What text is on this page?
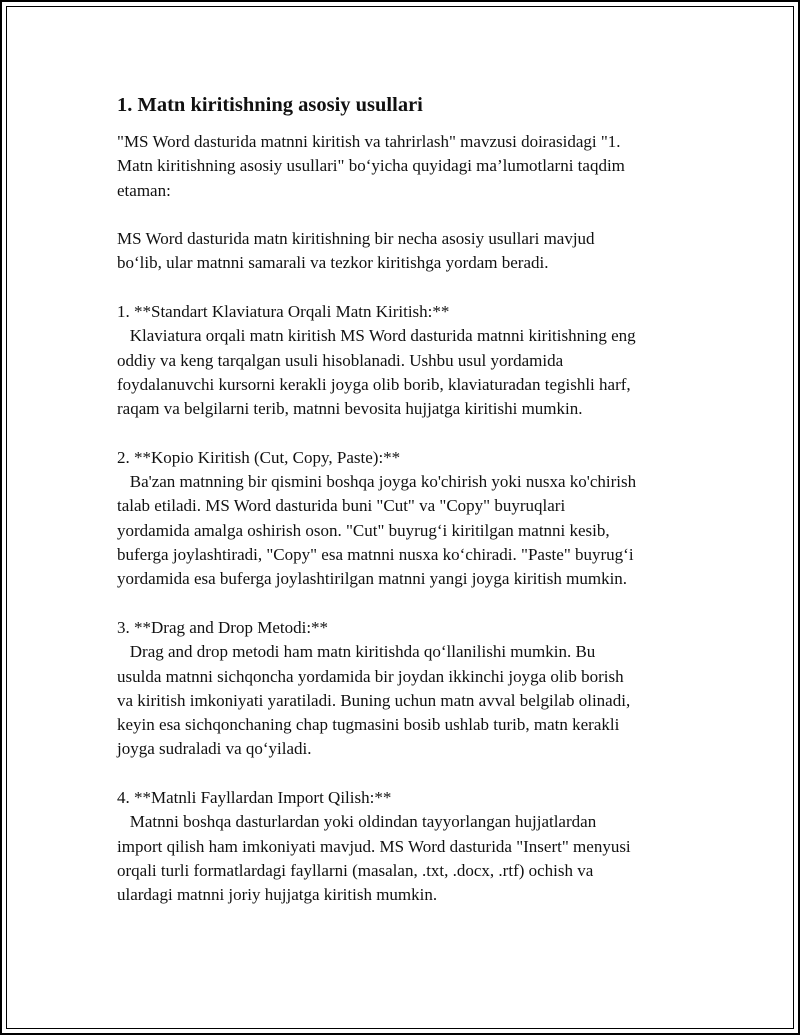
1. Matn kiritishning asosiy usullari
"MS Word dasturida matnni kiritish va tahrirlash" mavzusi doirasidagi "1.
Matn kiritishning asosiy usullari" bo‘yicha quyidagi ma’lumotlarni taqdim
etaman:
MS Word dasturida matn kiritishning bir necha asosiy usullari mavjud
bo‘lib, ular matnni samarali va tezkor kiritishga yordam beradi.
1. **Standart Klaviatura Orqali Matn Kiritish:**
Klaviatura orqali matn kiritish MS Word dasturida matnni kiritishning eng
oddiy va keng tarqalgan usuli hisoblanadi. Ushbu usul yordamida
foydalanuvchi kursorni kerakli joyga olib borib, klaviaturadan tegishli harf,
raqam va belgilarni terib, matnni bevosita hujjatga kiritishi mumkin.
2. **Kopio Kiritish (Cut, Copy, Paste):**
Ba'zan matnning bir qismini boshqa joyga ko'chirish yoki nusxa ko'chirish
talab etiladi. MS Word dasturida buni "Cut" va "Copy" buyruqlari
yordamida amalga oshirish oson. "Cut" buyrug‘i kiritilgan matnni kesib,
buferga joylashtiradi, "Copy" esa matnni nusxa ko‘chiradi. "Paste" buyrug‘i
yordamida esa buferga joylashtirilgan matnni yangi joyga kiritish mumkin.
3. **Drag and Drop Metodi:**
Drag and drop metodi ham matn kiritishda qo‘llanilishi mumkin. Bu
usulda matnni sichqoncha yordamida bir joydan ikkinchi joyga olib borish
va kiritish imkoniyati yaratiladi. Buning uchun matn avval belgilab olinadi,
keyin esa sichqonchaning chap tugmasini bosib ushlab turib, matn kerakli
joyga sudraladi va qo‘yiladi.
4. **Matnli Fayllardan Import Qilish:**
Matnni boshqa dasturlardan yoki oldindan tayyorlangan hujjatlardan
import qilish ham imkoniyati mavjud. MS Word dasturida "Insert" menyusi
orqali turli formatlardagi fayllarni (masalan, .txt, .docx, .rtf) ochish va
ulardagi matnni joriy hujjatga kiritish mumkin.
